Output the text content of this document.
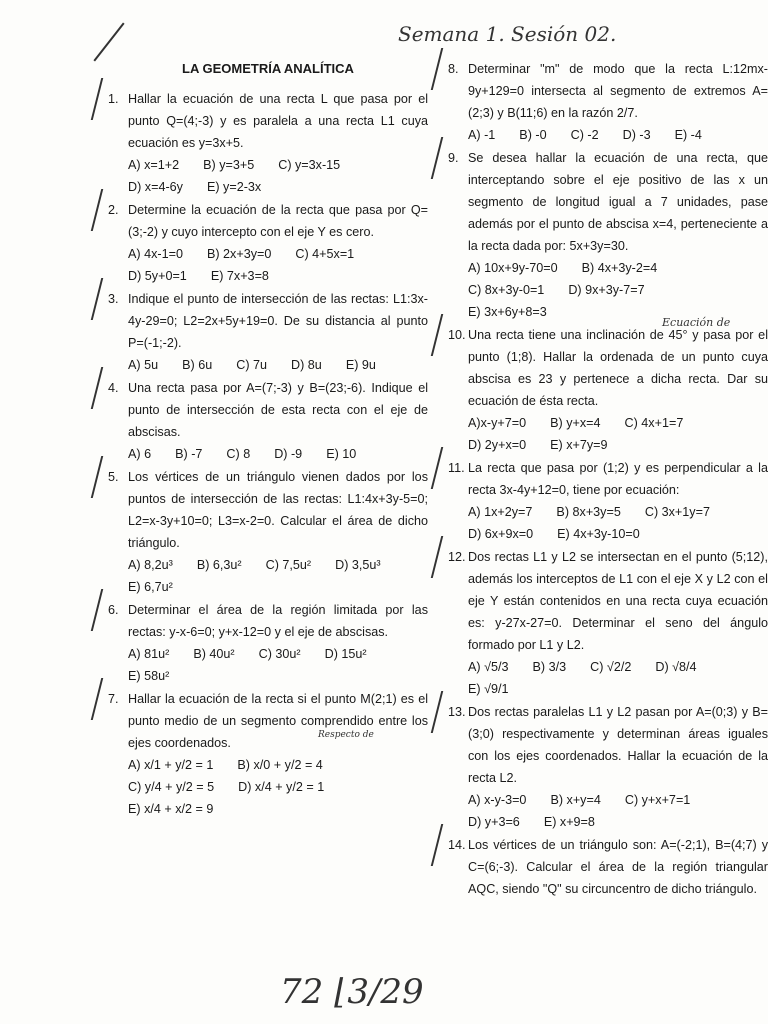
Semana 1. Sesión 02.
LA GEOMETRÍA ANALÍTICA
1. Hallar la ecuación de una recta L que pasa por el punto Q=(4;-3) y es paralela a una recta L1 cuya ecuación es y=3x+5.
A) x=1+2 B) y=3+5 C) y=3x-15
D) x=4-6y E) y=2-3x
2. Determine la ecuación de la recta que pasa por Q=(3;-2) y cuyo intercepto con el eje Y es cero.
A) 4x-1=0 B) 2x+3y=0 C) 4+5x=1
D) 5y+0=1 E) 7x+3=8
3. Indique el punto de intersección de las rectas: L1:3x-4y-29=0; L2=2x+5y+19=0. De su distancia al punto P=(-1;-2).
A) 5u B) 6u C) 7u D) 8u E) 9u
4. Una recta pasa por A=(7;-3) y B=(23;-6). Indique el punto de intersección de esta recta con el eje de abscisas.
A) 6 B) -7 C) 8 D) -9 E) 10
5. Los vértices de un triángulo vienen dados por los puntos de intersección de las rectas: L1:4x+3y-5=0; L2=x-3y+10=0; L3=x-2=0. Calcular el área de dicho triángulo.
A) 8,2u³ B) 6,3u² C) 7,5u² D) 3,5u³
E) 6,7u²
6. Determinar el área de la región limitada por las rectas: y-x-6=0; y+x-12=0 y el eje de abscisas.
A) 81u² B) 40u² C) 30u² D) 15u²
E) 58u²
7. Hallar la ecuación de la recta si el punto M(2;1) es el punto medio de un segmento comprendido entre los ejes coordenados.
A) x/1 + y/2 = 1 B) x/0 + y/2 = 4
C) y/4 + y/2 = 5 D) x/4 + y/2 = 1
E) x/4 + x/2 = 9
8. Determinar "m" de modo que la recta L:12mx-9y+129=0 intersecta al segmento de extremos A=(2;3) y B(11;6) en la razón 2/7.
A) -1 B) -0 C) -2 D) -3 E) -4
9. Se desea hallar la ecuación de una recta, que interceptando sobre el eje positivo de las x un segmento de longitud igual a 7 unidades, pase además por el punto de abscisa x=4, perteneciente a la recta dada por: 5x+3y=30.
A) 10x+9y-70=0 B) 4x+3y-2=4
C) 8x+3y-0=1 D) 9x+3y-7=7
E) 3x+6y+8=3
10. Una recta tiene una inclinación de 45° y pasa por el punto (1;8). Hallar la ordenada de un punto cuya abscisa es 23 y pertenece a dicha recta. Dar su ecuación de ésta recta.
A)x-y+7=0 B) y+x=4 C) 4x+1=7
D) 2y+x=0 E) x+7y=9
11. La recta que pasa por (1;2) y es perpendicular a la recta 3x-4y+12=0, tiene por ecuación:
A) 1x+2y=7 B) 8x+3y=5 C) 3x+1y=7
D) 6x+9x=0 E) 4x+3y-10=0
12. Dos rectas L1 y L2 se intersectan en el punto (5;12), además los interceptos de L1 con el eje X y L2 con el eje Y están contenidos en una recta cuya ecuación es: y-27x-27=0. Determinar el seno del ángulo formado por L1 y L2.
A) √5/3 B) 3/3 C) √2/2 D) √8/4
E) √9/1
13. Dos rectas paralelas L1 y L2 pasan por A=(0;3) y B=(3;0) respectivamente y determinan áreas iguales con los ejes coordenados. Hallar la ecuación de la recta L2.
A) x-y-3=0 B) x+y=4 C) y+x+7=1
D) y+3=6 E) x+9=8
14. Los vértices de un triángulo son: A=(-2;1), B=(4;7) y C=(6;-3). Calcular el área de la región triangular AQC, siendo "Q" su circuncentro de dicho triángulo.
72 ⌊3/29
Respecto de
Ecuación de
